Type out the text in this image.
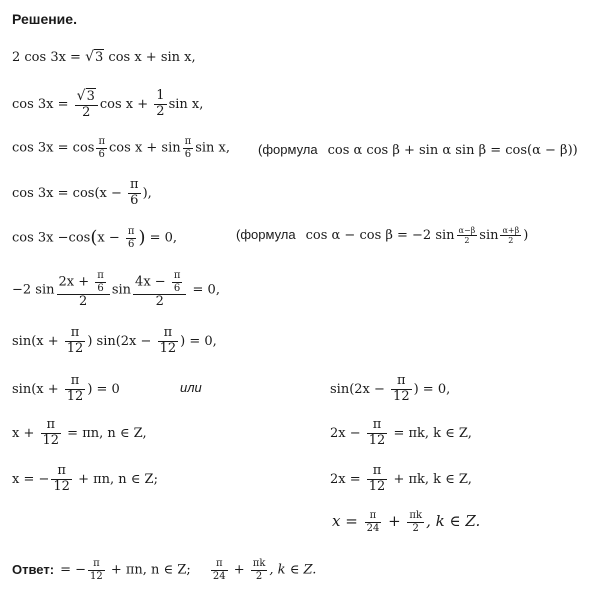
Решение.
2 cos 3x = √3 cos x + sin x,
$\cos 3x = \frac{√3}{2}$ $\cos x + \frac{1}{2}$ sin x,
$\cos 3x = \cos \frac{\pi}{6}$ $\cos x + \sin \frac{\pi}{6}$ sin x, (формула cos α cos β + sin α sin β = cos(α − β))
$\cos 3x = \cos(x - \frac{\pi}{6}$ ),
$\cos 3x -\cos(x - \frac{\pi}{6}$ ) = 0,	(формула cos α − cos β = −2 $\sin \frac{\alpha-\beta}{2}$ $\sin \frac{\alpha+\beta}{2}$ )
−2 $\sin \frac{2x + \frac{\pi}{6}}{2}$ $\sin \frac{4x - \frac{\pi}{6}}{2} = 0$,
$\sin(x + \frac{\pi}{12}$ ) $\sin(2x - \frac{\pi}{12}$ ) = 0,
$\sin(x + \frac{\pi}{12}$ ) = 0	или	$\sin(2x - \frac{\pi}{12}$ ) = 0,
$x + \frac{\pi}{12} = \pi n$, n ∈ Z,	$2x - \frac{\pi}{12} = \pi k$, k ∈ Z,
x = − $\frac{\pi}{12} + \pi n$, n ∈ Z;	$2x = \frac{\pi}{12} + \pi k$, k ∈ Z,
$x = \frac{\pi}{24} + \frac{\pi k}{2}$ , k ∈ Z.
Ответ: = − $\frac{\pi}{12} + \pi n$, n ∈ Z; $\frac{\pi}{24} + \frac{\pi k}{2}$ , k ∈ Z.
